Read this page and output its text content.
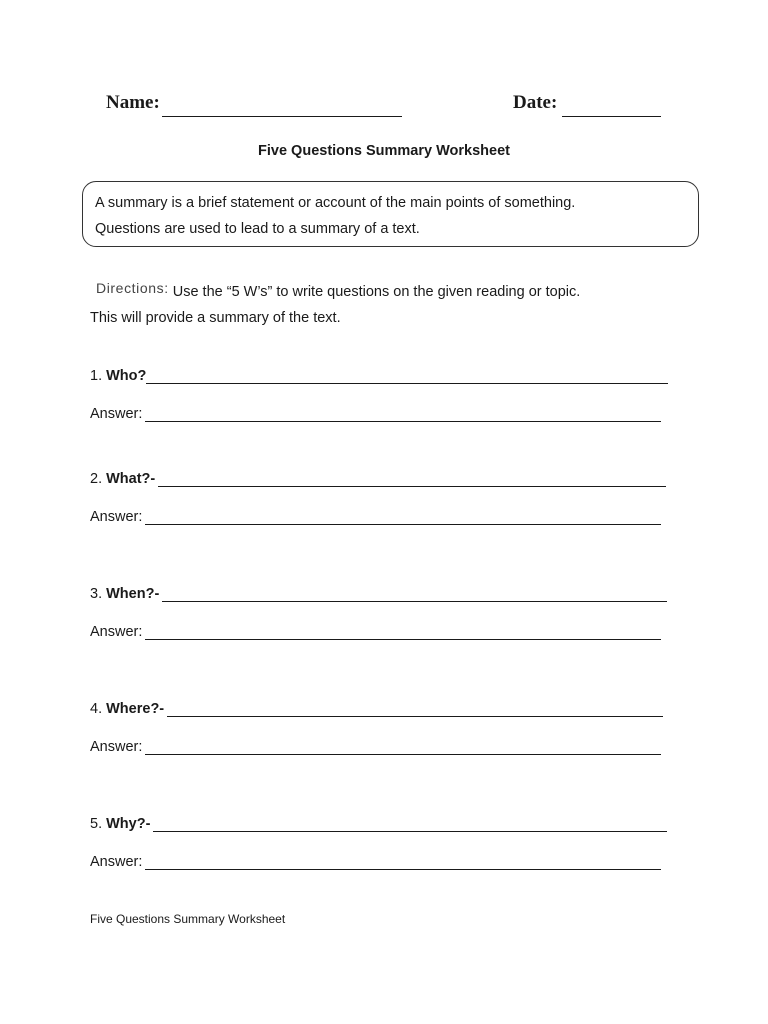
Name:	Date:
Five Questions Summary Worksheet
A summary is a brief statement or account of the main points of something.
Questions are used to lead to a summary of a text.
Directions: Use the “5 W’s” to write questions on the given reading or topic.
This will provide a summary of the text.
1.
Who?
Answer:
2.
What?-
Answer:
3.
When?-
Answer:
4.
Where?-
Answer:
5.
Why?-
Answer:
Five Questions Summary Worksheet
